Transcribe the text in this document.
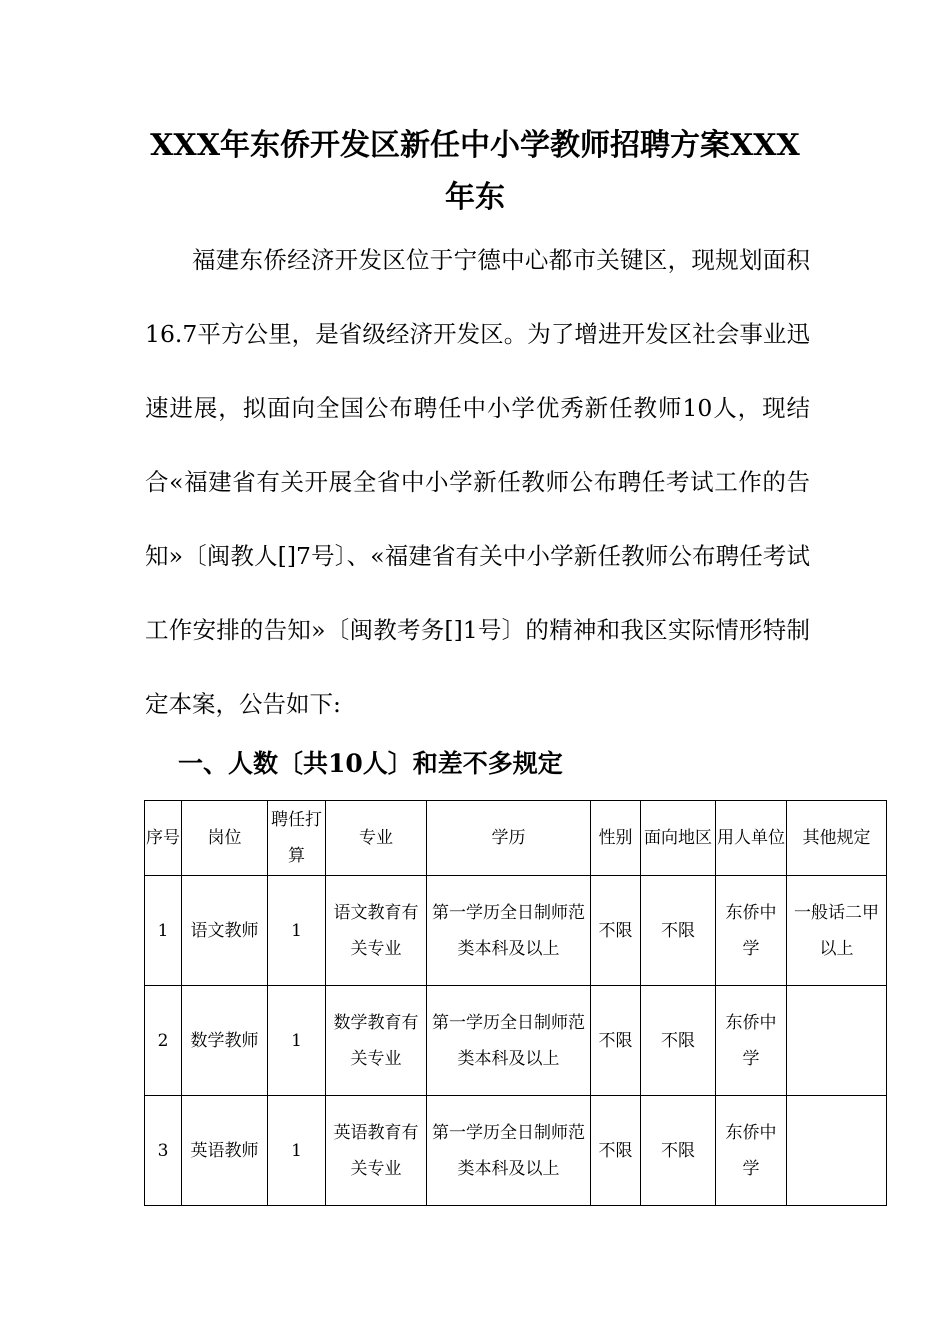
XXX年东侨开发区新任中小学教师招聘方案XXX年东

福建东侨经济开发区位于宁德中心都市关键区，现规划面积16.7平方公里，是省级经济开发区。为了增进开发区社会事业迅速进展，拟面向全国公布聘任中小学优秀新任教师10人，现结合«福建省有关开展全省中小学新任教师公布聘任考试工作的告知»〔闽教人[]7号〕、«福建省有关中小学新任教师公布聘任考试工作安排的告知»〔闽教考务[]1号〕的精神和我区实际情形特制定本案，公告如下:

一、人数〔共10人〕和差不多规定

序号	岗位	聘任打算	专业	学历	性别	面向地区	用人单位	其他规定
1	语文教师	1	语文教育有关专业	第一学历全日制师范类本科及以上	不限	不限	东侨中学	一般话二甲以上
2	数学教师	1	数学教育有关专业	第一学历全日制师范类本科及以上	不限	不限	东侨中学	
3	英语教师	1	英语教育有关专业	第一学历全日制师范类本科及以上	不限	不限	东侨中学	
